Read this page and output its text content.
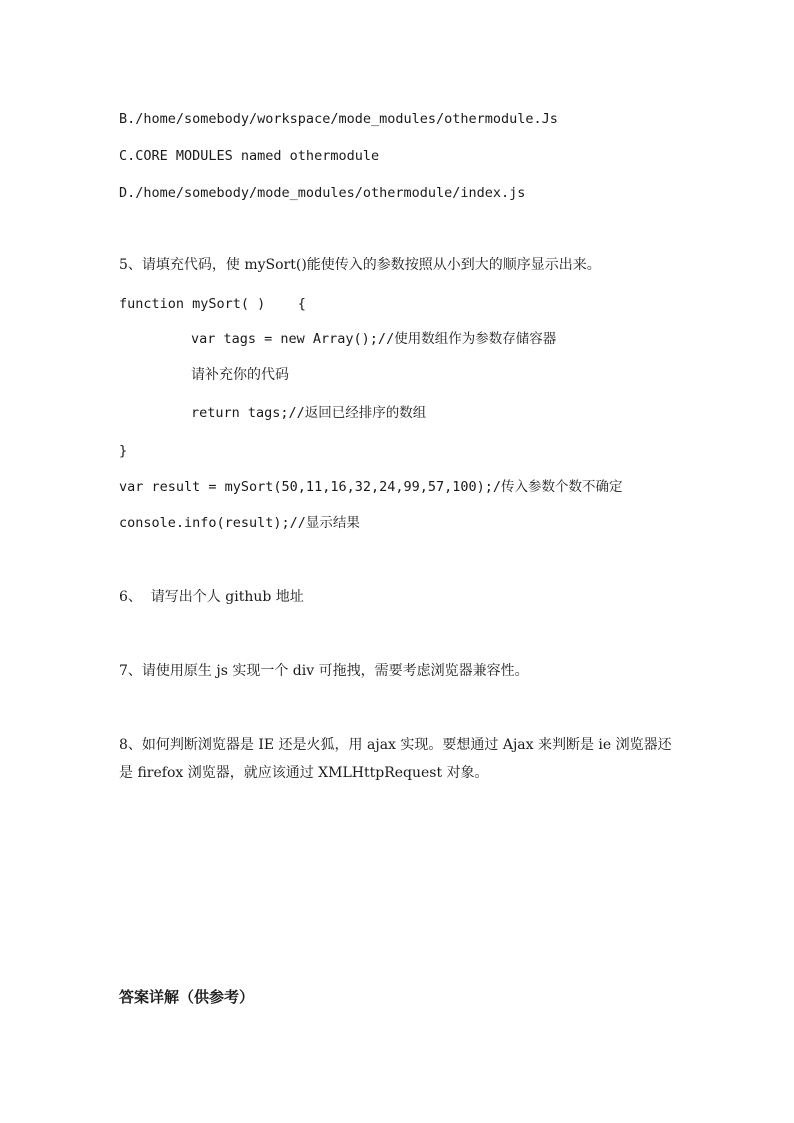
B./home/somebody/workspace/mode_modules/othermodule.Js
C.CORE MODULES named othermodule
D./home/somebody/mode_modules/othermodule/index.js
5、请填充代码，使 mySort()能使传入的参数按照从小到大的顺序显示出来。
function mySort( )    {
var tags = new Array();//使用数组作为参数存储容器
请补充你的代码
return tags;//返回已经排序的数组
}
var result = mySort(50,11,16,32,24,99,57,100);/传入参数个数不确定
console.info(result);//显示结果
6、  请写出个人 github 地址
7、请使用原生 js 实现一个 div 可拖拽，需要考虑浏览器兼容性。
8、如何判断浏览器是 IE 还是火狐，用 ajax 实现。要想通过 Ajax 来判断是 ie 浏览器还是 firefox 浏览器，就应该通过 XMLHttpRequest 对象。
答案详解（供参考）
